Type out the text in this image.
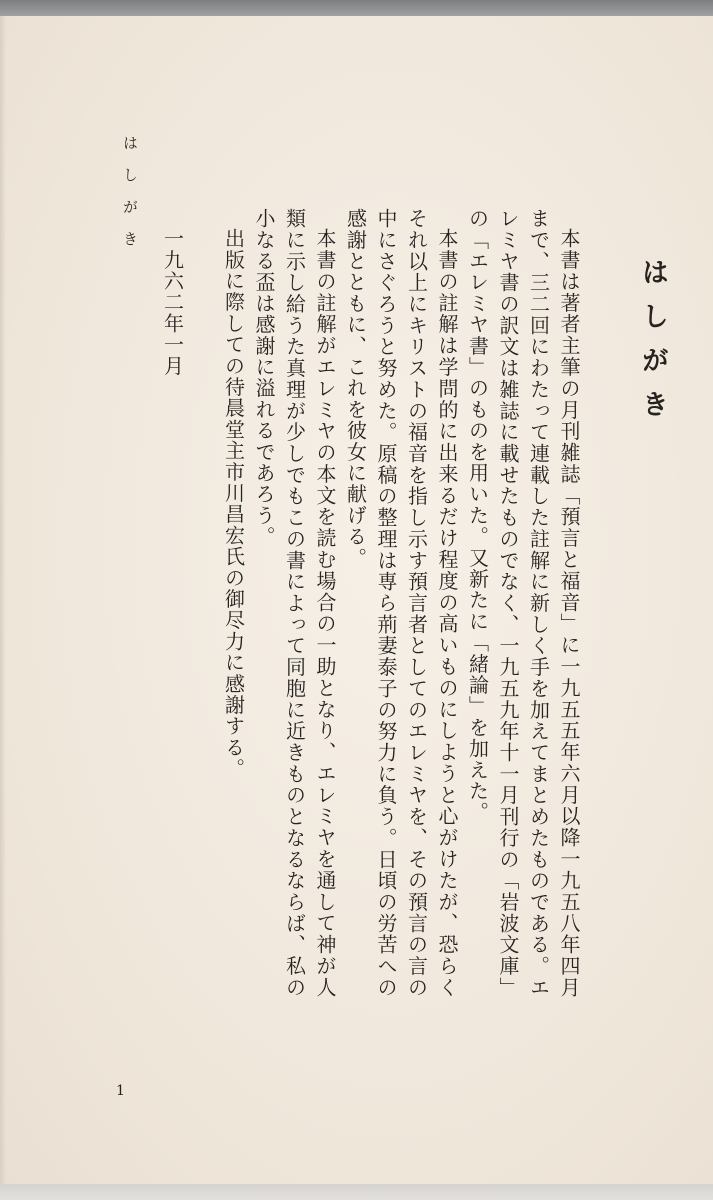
はしがき
はしがき

本書は著者主筆の月刊雑誌「預言と福音」に一九五五年六月以降一九五八年四月まで、三二回にわたって連載した註解に新しく手を加えてまとめたものである。エレミヤ書の訳文は雑誌に載せたものでなく、一九五九年十一月刊行の「岩波文庫」の「エレミヤ書」のものを用いた。又新たに「緒論」を加えた。

本書の註解は学問的に出来るだけ程度の高いものにしようと心がけたが、恐らくそれ以上にキリストの福音を指し示す預言者としてのエレミヤを、その預言の言の中にさぐろうと努めた。原稿の整理は専ら荊妻泰子の努力に負う。日頃の労苦への感謝とともに、これを彼女に献げる。

本書の註解がエレミヤの本文を読む場合の一助となり、エレミヤを通して神が人類に示し給うた真理が少しでもこの書によって同胞に近きものとなるならば、私の小なる盃は感謝に溢れるであろう。

出版に際しての待晨堂主市川昌宏氏の御尽力に感謝する。

一九六二年一月

1
